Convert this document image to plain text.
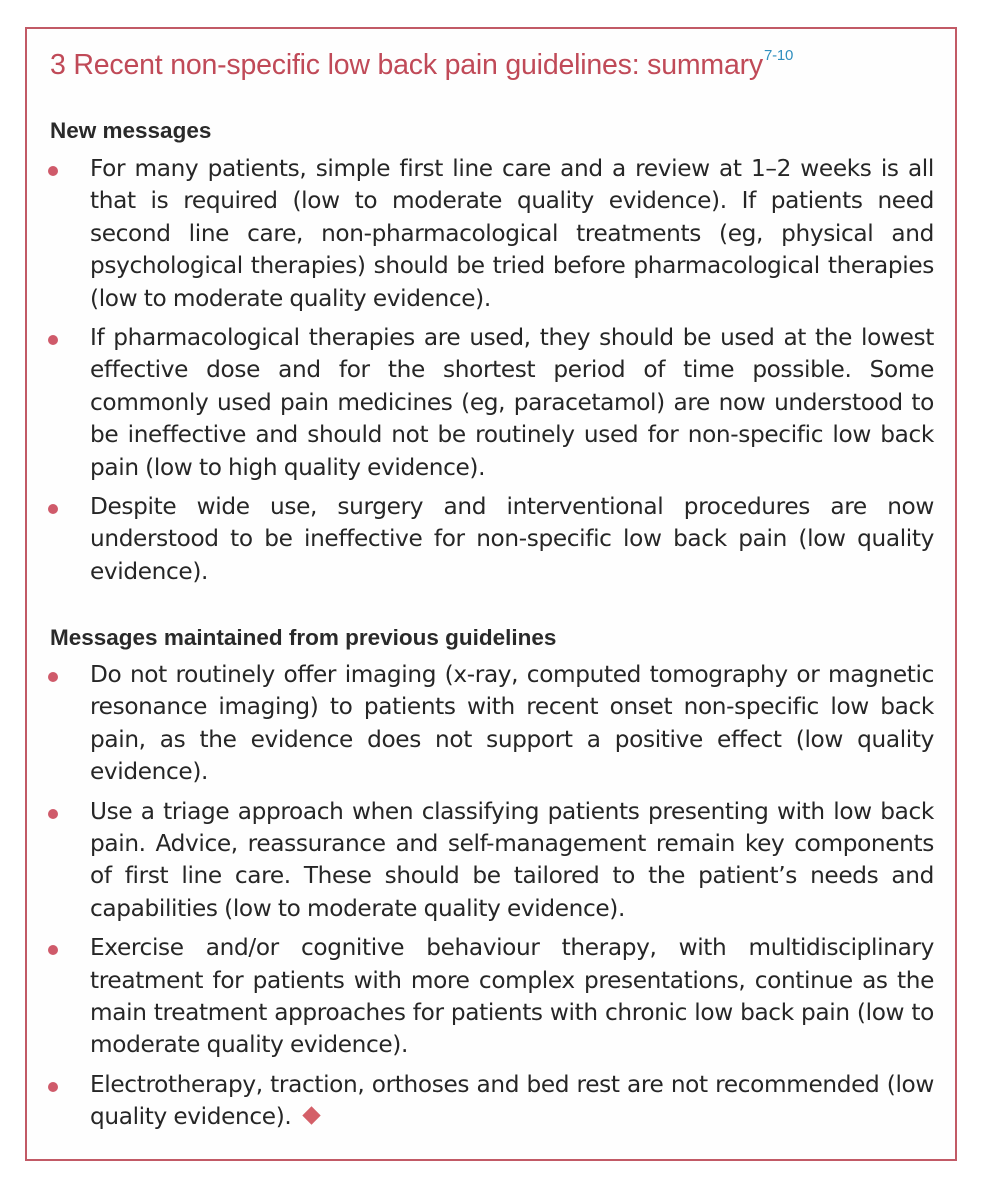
3 Recent non-specific low back pain guidelines: summary$^{7-10}$
New messages
For many patients, simple first line care and a review at 1–2 weeks is all that is required (low to moderate quality evidence). If patients need second line care, non-pharmacological treatments (eg, physical and psychological therapies) should be tried before pharmacological therapies (low to moderate quality evidence).
If pharmacological therapies are used, they should be used at the lowest effective dose and for the shortest period of time possible. Some commonly used pain medicines (eg, paracetamol) are now understood to be ineffective and should not be routinely used for non-specific low back pain (low to high quality evidence).
Despite wide use, surgery and interventional procedures are now understood to be ineffective for non-specific low back pain (low quality evidence).
Messages maintained from previous guidelines
Do not routinely offer imaging (x-ray, computed tomography or magnetic resonance imaging) to patients with recent onset non-specific low back pain, as the evidence does not support a positive effect (low quality evidence).
Use a triage approach when classifying patients presenting with low back pain. Advice, reassurance and self-management remain key components of first line care. These should be tailored to the patient’s needs and capabilities (low to moderate quality evidence).
Exercise and/or cognitive behaviour therapy, with multidisciplinary treatment for patients with more complex presentations, continue as the main treatment approaches for patients with chronic low back pain (low to moderate quality evidence).
Electrotherapy, traction, orthoses and bed rest are not recommended (low quality evidence).
